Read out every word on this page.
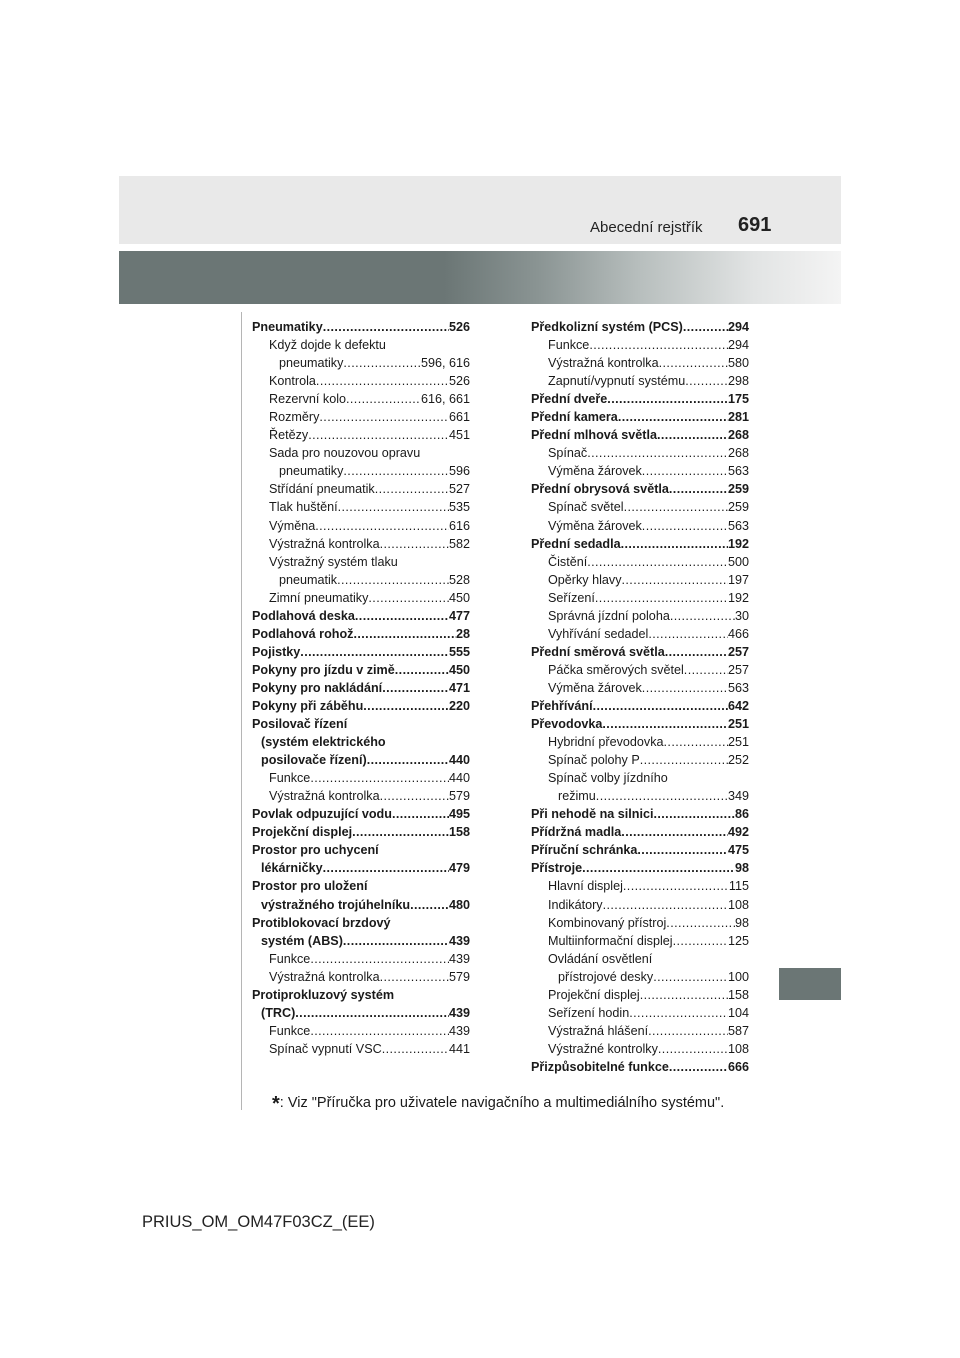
Abecední rejstřík 691
Pneumatiky .....	526
Když dojde k defektu
pneumatiky .....	596, 616
Kontrola .....	526
Rezervní kolo .....	616, 661
Rozměry .....	661
Řetězy .....	451
Sada pro nouzovou opravu
pneumatiky .....	596
Střídání pneumatik .....	527
Tlak huštění .....	535
Výměna .....	616
Výstražná kontrolka .....	582
Výstražný systém tlaku
pneumatik .....	528
Zimní pneumatiky .....	450
Podlahová deska .....	477
Podlahová rohož .....	28
Pojistky .....	555
Pokyny pro jízdu v zimě .....	450
Pokyny pro nakládání .....	471
Pokyny při záběhu .....	220
Posilovač řízení
(systém elektrického
posilovače řízení) .....	440
Funkce .....	440
Výstražná kontrolka .....	579
Povlak odpuzující vodu .....	495
Projekční displej .....	158
Prostor pro uchycení
lékárničky .....	479
Prostor pro uložení
výstražného trojúhelníku .....	480
Protiblokovací brzdový
systém (ABS) .....	439
Funkce .....	439
Výstražná kontrolka .....	579
Protiprokluzový systém
(TRC) .....	439
Funkce .....	439
Spínač vypnutí VSC .....	441
Předkolizní systém (PCS) .....	294
Funkce .....	294
Výstražná kontrolka .....	580
Zapnutí/vypnutí systému .....	298
Přední dveře .....	175
Přední kamera .....	281
Přední mlhová světla .....	268
Spínač .....	268
Výměna žárovek .....	563
Přední obrysová světla .....	259
Spínač světel .....	259
Výměna žárovek .....	563
Přední sedadla .....	192
Čistění .....	500
Opěrky hlavy .....	197
Seřízení .....	192
Správná jízdní poloha .....	30
Vyhřívání sedadel .....	466
Přední směrová světla .....	257
Páčka směrových světel .....	257
Výměna žárovek .....	563
Přehřívání .....	642
Převodovka .....	251
Hybridní převodovka .....	251
Spínač polohy P .....	252
Spínač volby jízdního
režimu .....	349
Při nehodě na silnici .....	86
Přídržná madla .....	492
Příruční schránka .....	475
Přístroje .....	98
Hlavní displej .....	115
Indikátory .....	108
Kombinovaný přístroj .....	98
Multiinformační displej .....	125
Ovládání osvětlení
přístrojové desky .....	100
Projekční displej .....	158
Seřízení hodin .....	104
Výstražná hlášení .....	587
Výstražné kontrolky .....	108
Přizpůsobitelné funkce .....	666
*: Viz "Příručka pro uživatele navigačního a multimediálního systému".
PRIUS_OM_OM47F03CZ_(EE)
